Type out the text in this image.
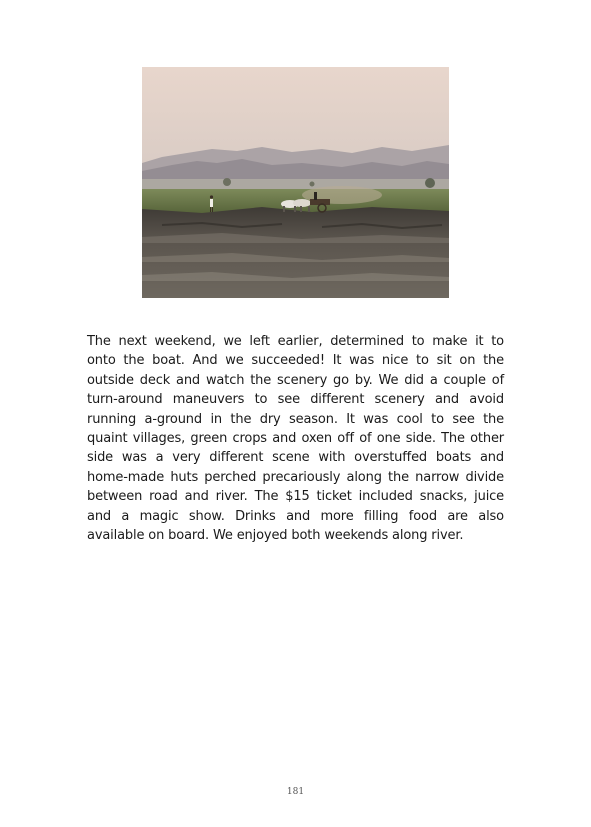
The next weekend, we left earlier, determined to make it to
onto the boat. And we succeeded! It was nice to sit on the
outside deck and watch the scenery go by. We did a couple of
turn-around maneuvers to see different scenery and avoid
running a-ground in the dry season. It was cool to see the
quaint villages, green crops and oxen off of one side. The other
side was a very different scene with overstuffed boats and
home-made huts perched precariously along the narrow divide
between road and river. The $15 ticket included snacks, juice
and a magic show. Drinks and more filling food are also
available on board. We enjoyed both weekends along river.
181
